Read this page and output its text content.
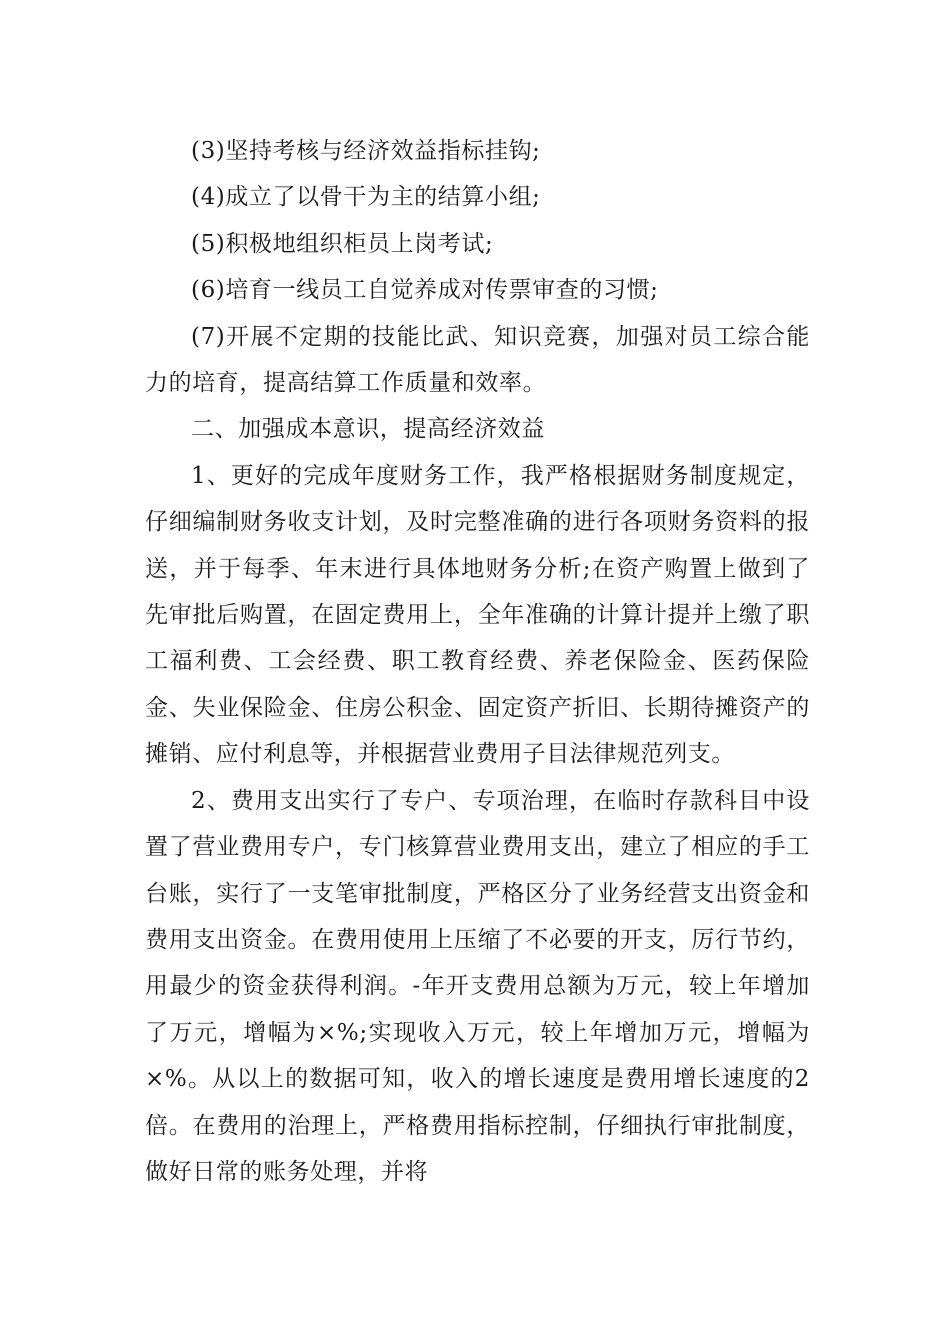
(3)坚持考核与经济效益指标挂钩;

(4)成立了以骨干为主的结算小组;

(5)积极地组织柜员上岗考试;

(6)培育一线员工自觉养成对传票审查的习惯;

(7)开展不定期的技能比武、知识竞赛，加强对员工综合能力的培育，提高结算工作质量和效率。

二、加强成本意识，提高经济效益

1、更好的完成年度财务工作，我严格根据财务制度规定，仔细编制财务收支计划，及时完整准确的进行各项财务资料的报送，并于每季、年末进行具体地财务分析;在资产购置上做到了先审批后购置，在固定费用上，全年准确的计算计提并上缴了职工福利费、工会经费、职工教育经费、养老保险金、医药保险金、失业保险金、住房公积金、固定资产折旧、长期待摊资产的摊销、应付利息等，并根据营业费用子目法律规范列支。

2、费用支出实行了专户、专项治理，在临时存款科目中设置了营业费用专户，专门核算营业费用支出，建立了相应的手工台账，实行了一支笔审批制度，严格区分了业务经营支出资金和费用支出资金。在费用使用上压缩了不必要的开支，厉行节约，用最少的资金获得利润。-年开支费用总额为万元，较上年增加了万元，增幅为×%;实现收入万元，较上年增加万元，增幅为×%。从以上的数据可知，收入的增长速度是费用增长速度的2倍。在费用的治理上，严格费用指标控制，仔细执行审批制度，做好日常的账务处理，并将
